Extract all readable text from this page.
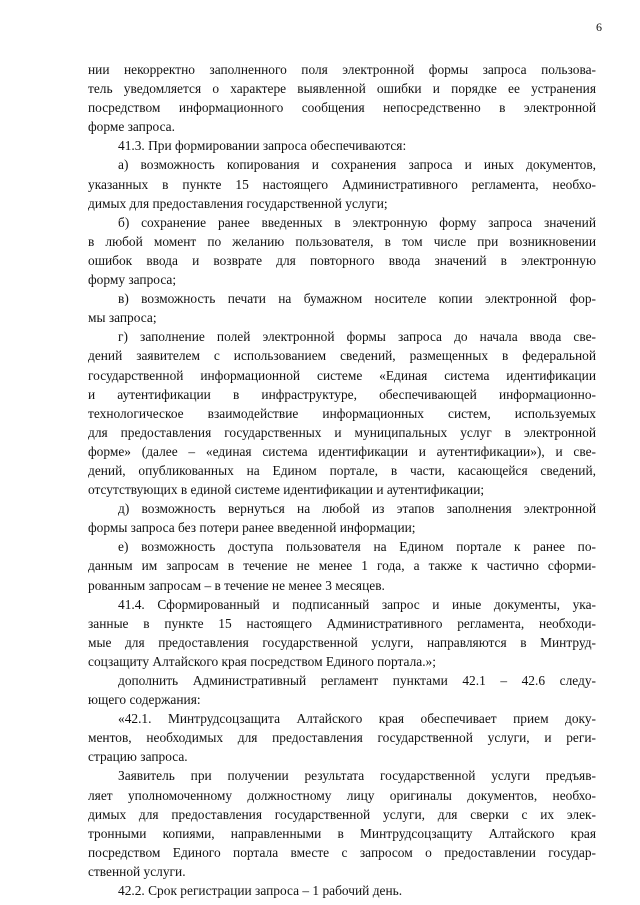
6
нии некорректно заполненного поля электронной формы запроса пользова-
тель уведомляется о характере выявленной ошибки и порядке ее устранения
посредством информационного сообщения непосредственно в электронной
форме запроса.
41.3. При формировании запроса обеспечиваются:
а) возможность копирования и сохранения запроса и иных документов,
указанных в пункте 15 настоящего Административного регламента, необхо-
димых для предоставления государственной услуги;
б) сохранение ранее введенных в электронную форму запроса значений
в любой момент по желанию пользователя, в том числе при возникновении
ошибок ввода и возврате для повторного ввода значений в электронную
форму запроса;
в) возможность печати на бумажном носителе копии электронной фор-
мы запроса;
г) заполнение полей электронной формы запроса до начала ввода све-
дений заявителем с использованием сведений, размещенных в федеральной
государственной информационной системе «Единая система идентификации
и аутентификации в инфраструктуре, обеспечивающей информационно-
технологическое взаимодействие информационных систем, используемых
для предоставления государственных и муниципальных услуг в электронной
форме» (далее – «единая система идентификации и аутентификации»), и све-
дений, опубликованных на Едином портале, в части, касающейся сведений,
отсутствующих в единой системе идентификации и аутентификации;
д) возможность вернуться на любой из этапов заполнения электронной
формы запроса без потери ранее введенной информации;
е) возможность доступа пользователя на Едином портале к ранее по-
данным им запросам в течение не менее 1 года, а также к частично сформи-
рованным запросам – в течение не менее 3 месяцев.
41.4. Сформированный и подписанный запрос и иные документы, ука-
занные в пункте 15 настоящего Административного регламента, необходи-
мые для предоставления государственной услуги, направляются в Минтруд-
соцзащиту Алтайского края посредством Единого портала.»;
дополнить Административный регламент пунктами 42.1 – 42.6 следу-
ющего содержания:
«42.1. Минтрудсоцзащита Алтайского края обеспечивает прием доку-
ментов, необходимых для предоставления государственной услуги, и реги-
страцию запроса.
Заявитель при получении результата государственной услуги предъяв-
ляет уполномоченному должностному лицу оригиналы документов, необхо-
димых для предоставления государственной услуги, для сверки с их элек-
тронными копиями, направленными в Минтрудсоцзащиту Алтайского края
посредством Единого портала вместе с запросом о предоставлении государ-
ственной услуги.
42.2. Срок регистрации запроса – 1 рабочий день.
